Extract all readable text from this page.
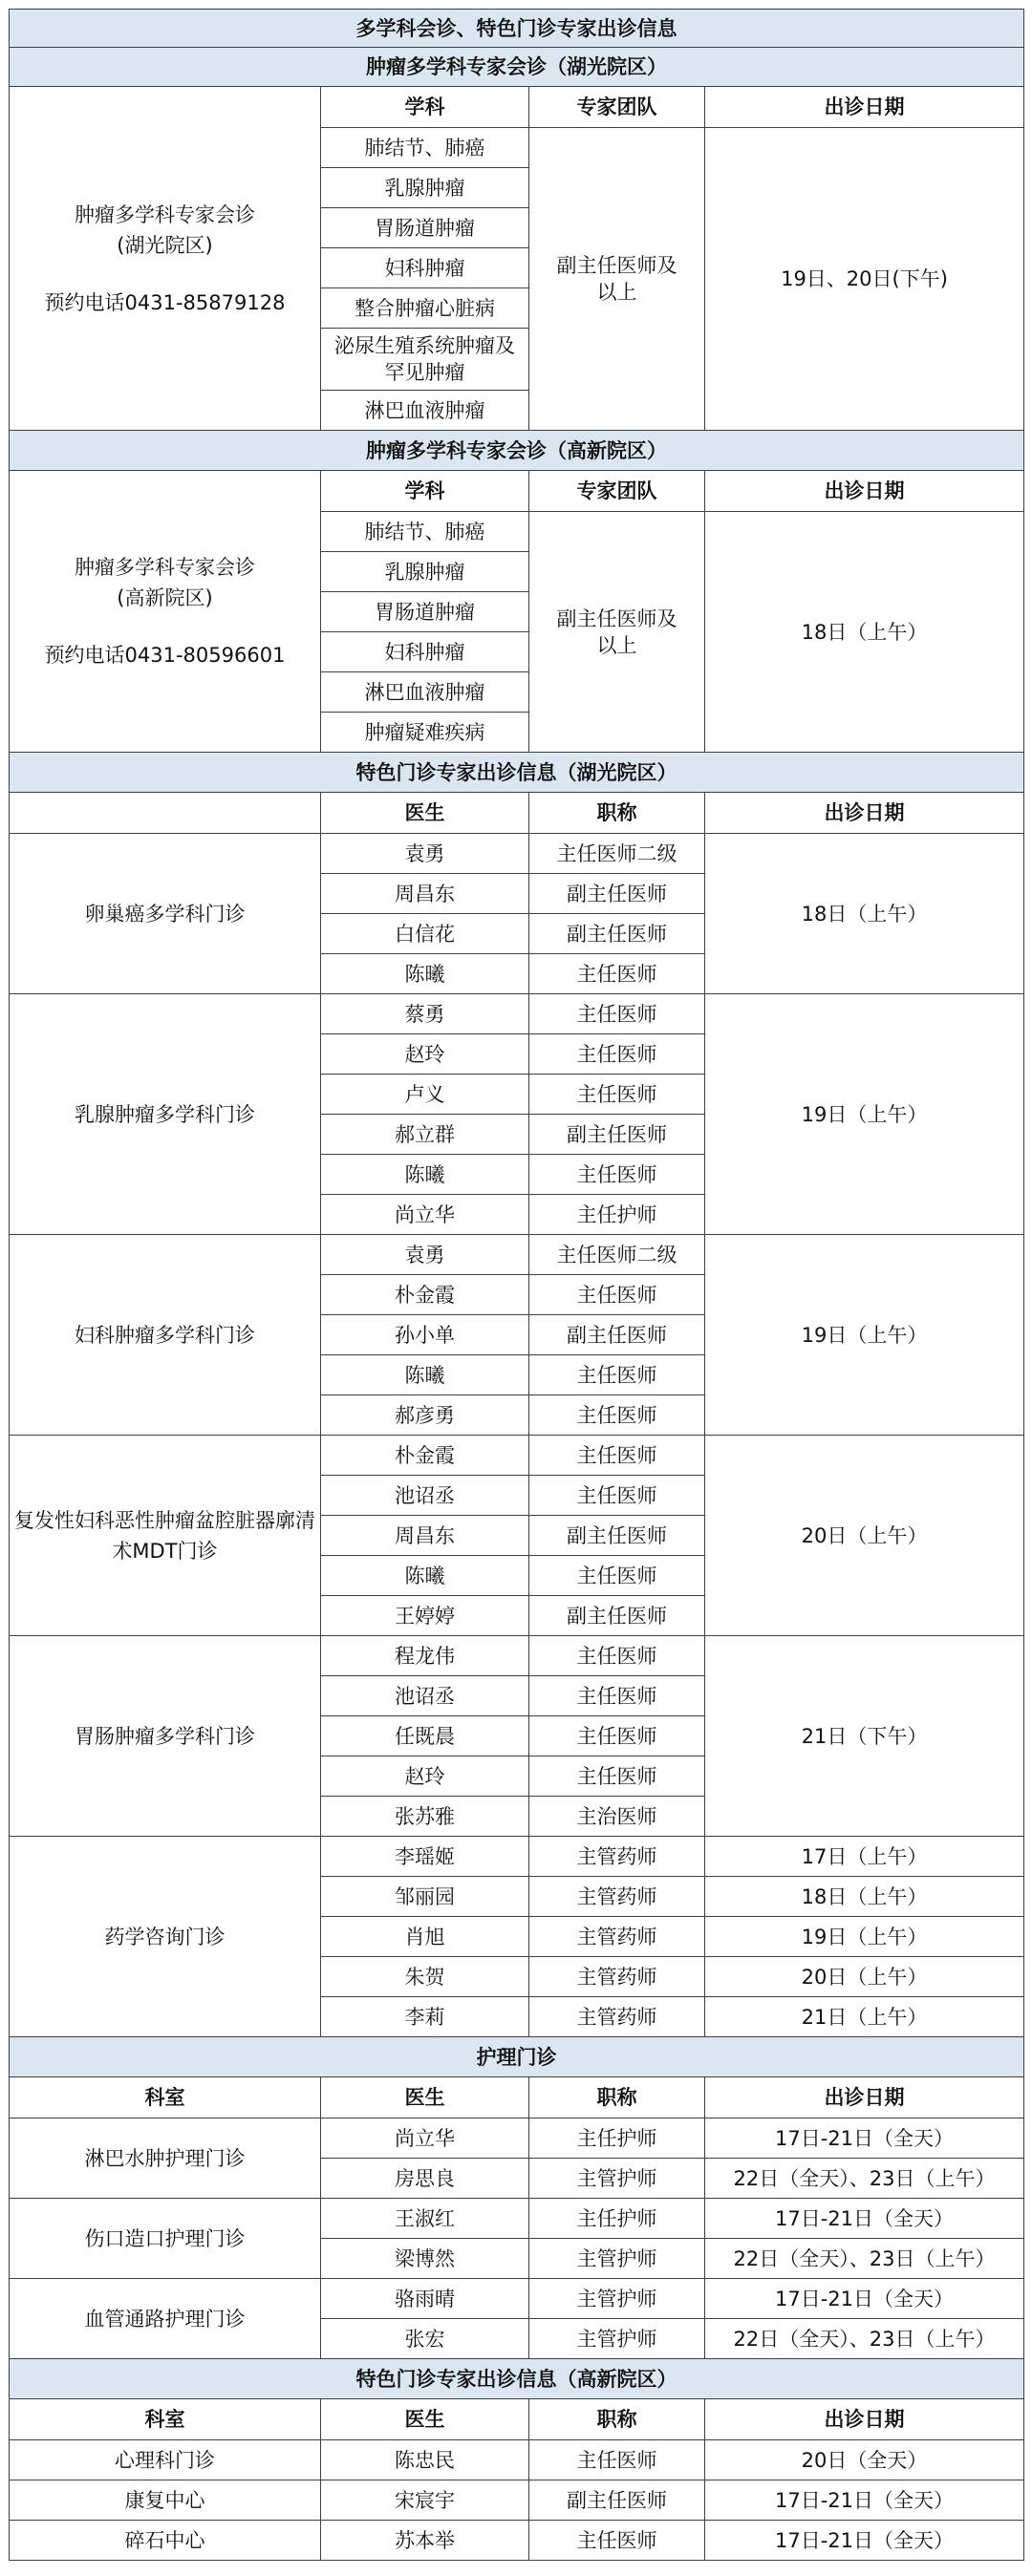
多学科会诊、特色门诊专家出诊信息			
肿瘤多学科专家会诊（湖光院区）			
肿瘤多学科专家会诊
(湖光院区)

预约电话0431-85879128	学科	专家团队	出诊日期
	肺结节、肺癌	副主任医师及以上	19日、20日(下午)
	乳腺肿瘤		
	胃肠道肿瘤		
	妇科肿瘤		
	整合肿瘤心脏病		
	泌尿生殖系统肿瘤及罕见肿瘤		
	淋巴血液肿瘤		
肿瘤多学科专家会诊（高新院区）			
肿瘤多学科专家会诊
(高新院区)

预约电话0431-80596601	学科	专家团队	出诊日期
	肺结节、肺癌	副主任医师及以上	18日（上午）
	乳腺肿瘤		
	胃肠道肿瘤		
	妇科肿瘤		
	淋巴血液肿瘤		
	肿瘤疑难疾病		
特色门诊专家出诊信息（湖光院区）			
	医生	职称	出诊日期
卵巢癌多学科门诊	袁勇	主任医师二级	18日（上午）
	周昌东	副主任医师	
	白信花	副主任医师	
	陈曦	主任医师	
乳腺肿瘤多学科门诊	蔡勇	主任医师	19日（上午）
	赵玲	主任医师	
	卢义	主任医师	
	郝立群	副主任医师	
	陈曦	主任医师	
	尚立华	主任护师	
妇科肿瘤多学科门诊	袁勇	主任医师二级	19日（上午）
	朴金霞	主任医师	
	孙小单	副主任医师	
	陈曦	主任医师	
	郝彦勇	主任医师	
复发性妇科恶性肿瘤盆腔脏器廓清术MDT门诊	朴金霞	主任医师	20日（上午）
	池诏丞	主任医师	
	周昌东	副主任医师	
	陈曦	主任医师	
	王婷婷	副主任医师	
胃肠肿瘤多学科门诊	程龙伟	主任医师	21日（下午）
	池诏丞	主任医师	
	任既晨	主任医师	
	赵玲	主任医师	
	张苏雅	主治医师	
药学咨询门诊	李瑶姬	主管药师	17日（上午）
	邹丽园	主管药师	18日（上午）
	肖旭	主管药师	19日（上午）
	朱贺	主管药师	20日（上午）
	李莉	主管药师	21日（上午）
护理门诊			
科室	医生	职称	出诊日期
淋巴水肿护理门诊	尚立华	主任护师	17日-21日（全天）
	房思良	主管护师	22日（全天）、23日（上午）
伤口造口护理门诊	王淑红	主任护师	17日-21日（全天）
	梁博然	主管护师	22日（全天）、23日（上午）
血管通路护理门诊	骆雨晴	主管护师	17日-21日（全天）
	张宏	主管护师	22日（全天）、23日（上午）
特色门诊专家出诊信息（高新院区）			
科室	医生	职称	出诊日期
心理科门诊	陈忠民	主任医师	20日（全天）
康复中心	宋宸宇	副主任医师	17日-21日（全天）
碎石中心	苏本举	主任医师	17日-21日（全天）
